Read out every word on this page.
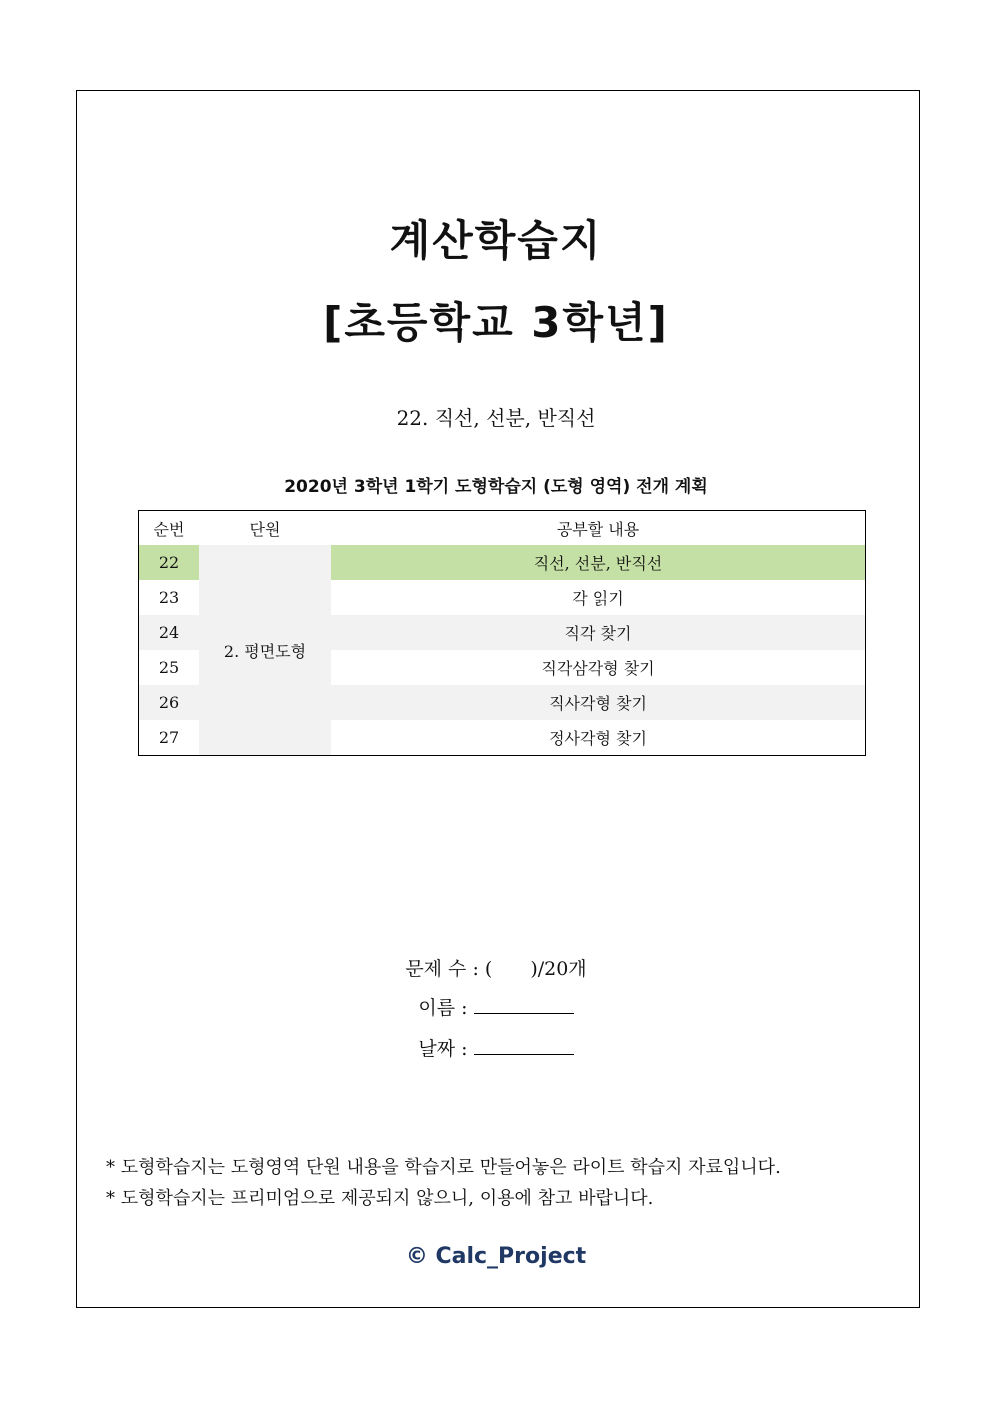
계산학습지
[초등학교 3학년]
22. 직선, 선분, 반직선
2020년 3학년 1학기 도형학습지 (도형 영역) 전개 계획
순번	단원	공부할 내용
22	2. 평면도형	직선, 선분, 반직선
23		각 읽기
24		직각 찾기
25		직각삼각형 찾기
26		직사각형 찾기
27		정사각형 찾기
문제 수 : ( )/20개
이름 :
날짜 :
* 도형학습지는 도형영역 단원 내용을 학습지로 만들어놓은 라이트 학습지 자료입니다.
* 도형학습지는 프리미엄으로 제공되지 않으니, 이용에 참고 바랍니다.
© Calc_Project
